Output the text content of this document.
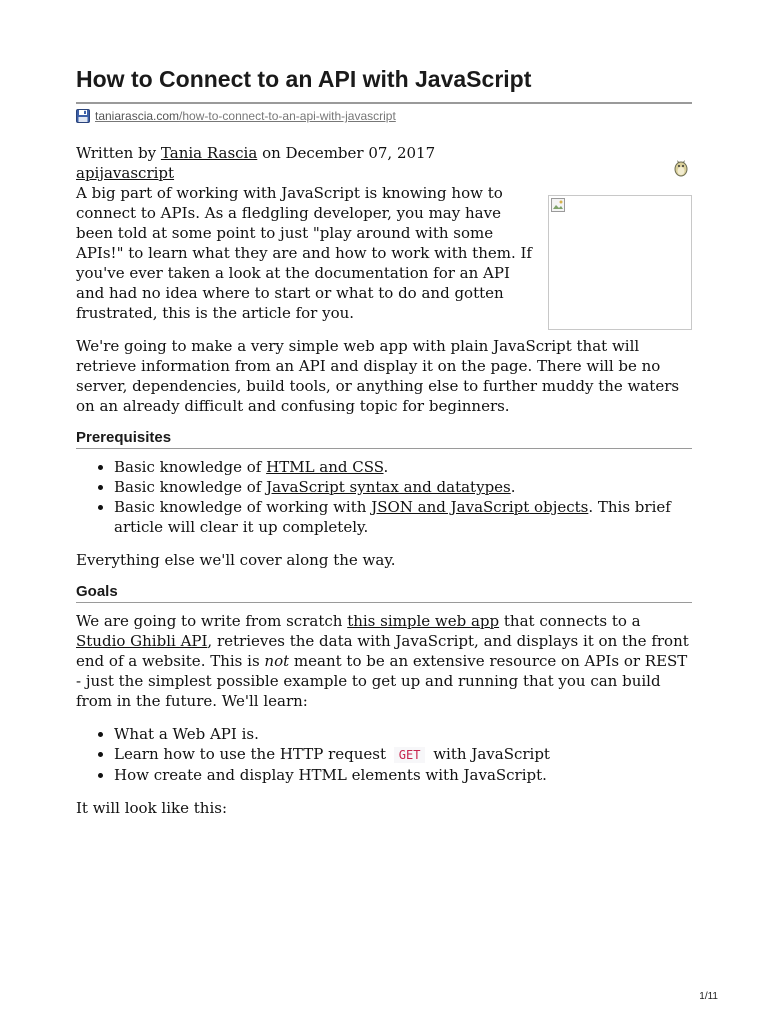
How to Connect to an API with JavaScript
taniarascia.com/how-to-connect-to-an-api-with-javascript
Written by Tania Rascia on December 07, 2017
apijavascript

A big part of working with JavaScript is knowing how to connect to APIs. As a fledgling developer, you may have been told at some point to just "play around with some APIs!" to learn what they are and how to work with them. If you've ever taken a look at the documentation for an API and had no idea where to start or what to do and gotten frustrated, this is the article for you.

We're going to make a very simple web app with plain JavaScript that will retrieve information from an API and display it on the page. There will be no server, dependencies, build tools, or anything else to further muddy the waters on an already difficult and confusing topic for beginners.

Prerequisites
• Basic knowledge of HTML and CSS.
• Basic knowledge of JavaScript syntax and datatypes.
• Basic knowledge of working with JSON and JavaScript objects. This brief article will clear it up completely.

Everything else we'll cover along the way.

Goals

We are going to write from scratch this simple web app that connects to a Studio Ghibli API, retrieves the data with JavaScript, and displays it on the front end of a website. This is not meant to be an extensive resource on APIs or REST - just the simplest possible example to get up and running that you can build from in the future. We'll learn:

• What a Web API is.
• Learn how to use the HTTP request GET with JavaScript
• How create and display HTML elements with JavaScript.

It will look like this:

1/11
